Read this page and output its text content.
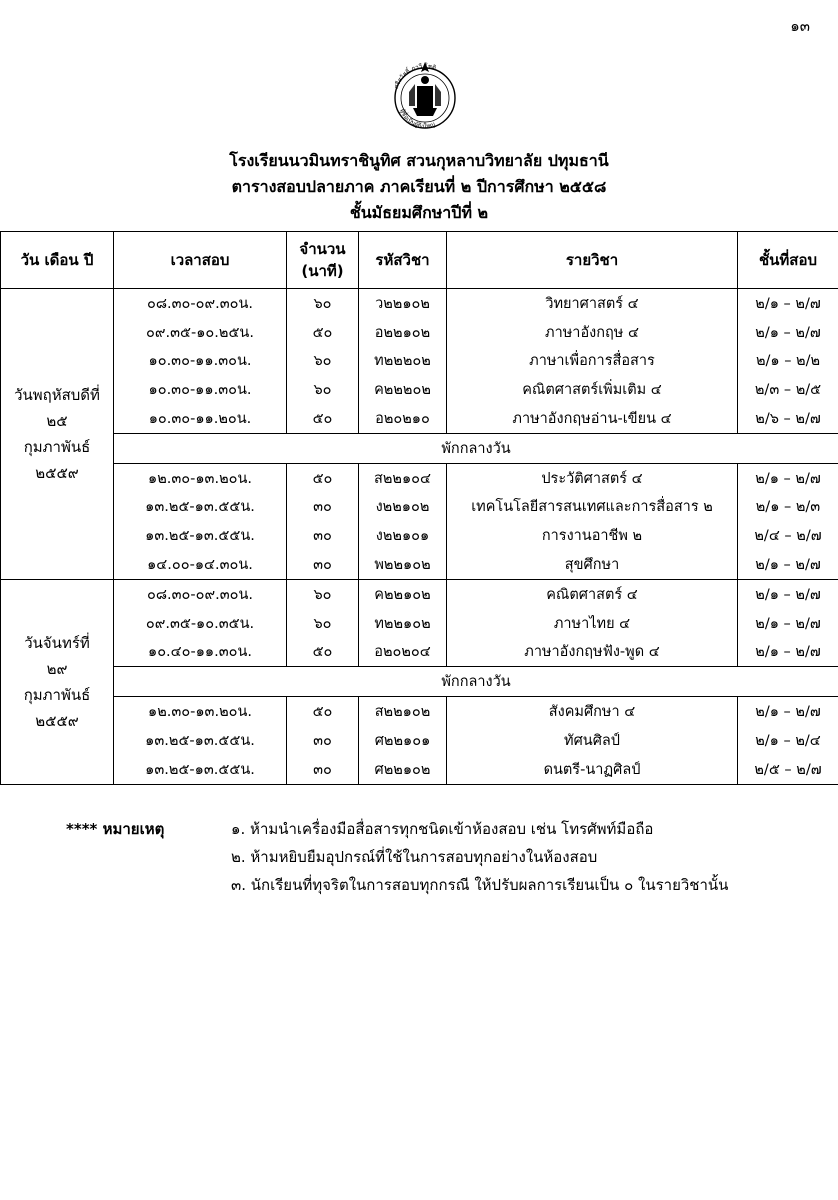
๑๓
ศรีสวัสดิ์ ภาวี โชติ
ผู้ชื่อเป็นผู้ยิ่งใหญ่
โรงเรียนนวมินทราชินูทิศ สวนกุหลาบวิทยาลัย ปทุมธานี
ตารางสอบปลายภาค ภาคเรียนที่ ๒ ปีการศึกษา ๒๕๕๘
ชั้นมัธยมศึกษาปีที่ ๒
วัน เดือน ปี	เวลาสอบ	จำนวน (นาที)	รหัสวิชา	รายวิชา	ชั้นที่สอบ

วันพฤหัสบดีที่
๒๕
กุมภาพันธ์
๒๕๕๙	๐๘.๓๐-๐๙.๓๐น.	๖๐	ว๒๒๑๐๒	วิทยาศาสตร์ ๔	๒/๑ – ๒/๗
	๐๙.๓๕-๑๐.๒๕น.	๕๐	อ๒๒๑๐๒	ภาษาอังกฤษ ๔	๒/๑ – ๒/๗
	๑๐.๓๐-๑๑.๓๐น.	๖๐	ท๒๒๒๐๒	ภาษาเพื่อการสื่อสาร	๒/๑ – ๒/๒
	๑๐.๓๐-๑๑.๓๐น.	๖๐	ค๒๒๒๐๒	คณิตศาสตร์เพิ่มเติม ๔	๒/๓ – ๒/๕
	๑๐.๓๐-๑๑.๒๐น.	๕๐	อ๒๐๒๑๐	ภาษาอังกฤษอ่าน-เขียน ๔	๒/๖ – ๒/๗
	พักกลางวัน				
	๑๒.๓๐-๑๓.๒๐น.	๕๐	ส๒๒๑๐๔	ประวัติศาสตร์ ๔	๒/๑ – ๒/๗
	๑๓.๒๕-๑๓.๕๕น.	๓๐	ง๒๒๑๐๒	เทคโนโลยีสารสนเทศและการสื่อสาร ๒	๒/๑ – ๒/๓
	๑๓.๒๕-๑๓.๕๕น.	๓๐	ง๒๒๑๐๑	การงานอาชีพ ๒	๒/๔ – ๒/๗
	๑๔.๐๐-๑๔.๓๐น.	๓๐	พ๒๒๑๐๒	สุขศึกษา	๒/๑ – ๒/๗

วันจันทร์ที่
๒๙
กุมภาพันธ์
๒๕๕๙	๐๘.๓๐-๐๙.๓๐น.	๖๐	ค๒๒๑๐๒	คณิตศาสตร์ ๔	๒/๑ – ๒/๗
	๐๙.๓๕-๑๐.๓๕น.	๖๐	ท๒๒๑๐๒	ภาษาไทย ๔	๒/๑ – ๒/๗
	๑๐.๔๐-๑๑.๓๐น.	๕๐	อ๒๐๒๐๔	ภาษาอังกฤษฟัง-พูด ๔	๒/๑ – ๒/๗
	พักกลางวัน				
	๑๒.๓๐-๑๓.๒๐น.	๕๐	ส๒๒๑๐๒	สังคมศึกษา ๔	๒/๑ – ๒/๗
	๑๓.๒๕-๑๓.๕๕น.	๓๐	ศ๒๒๑๐๑	ทัศนศิลป์	๒/๑ – ๒/๔
	๑๓.๒๕-๑๓.๕๕น.	๓๐	ศ๒๒๑๐๒	ดนตรี-นาฏศิลป์	๒/๕ – ๒/๗
**** หมายเหตุ	๑. ห้ามนำเครื่องมือสื่อสารทุกชนิดเข้าห้องสอบ เช่น โทรศัพท์มือถือ
๒. ห้ามหยิบยืมอุปกรณ์ที่ใช้ในการสอบทุกอย่างในห้องสอบ
๓. นักเรียนที่ทุจริตในการสอบทุกกรณี ให้ปรับผลการเรียนเป็น ๐ ในรายวิชานั้น
